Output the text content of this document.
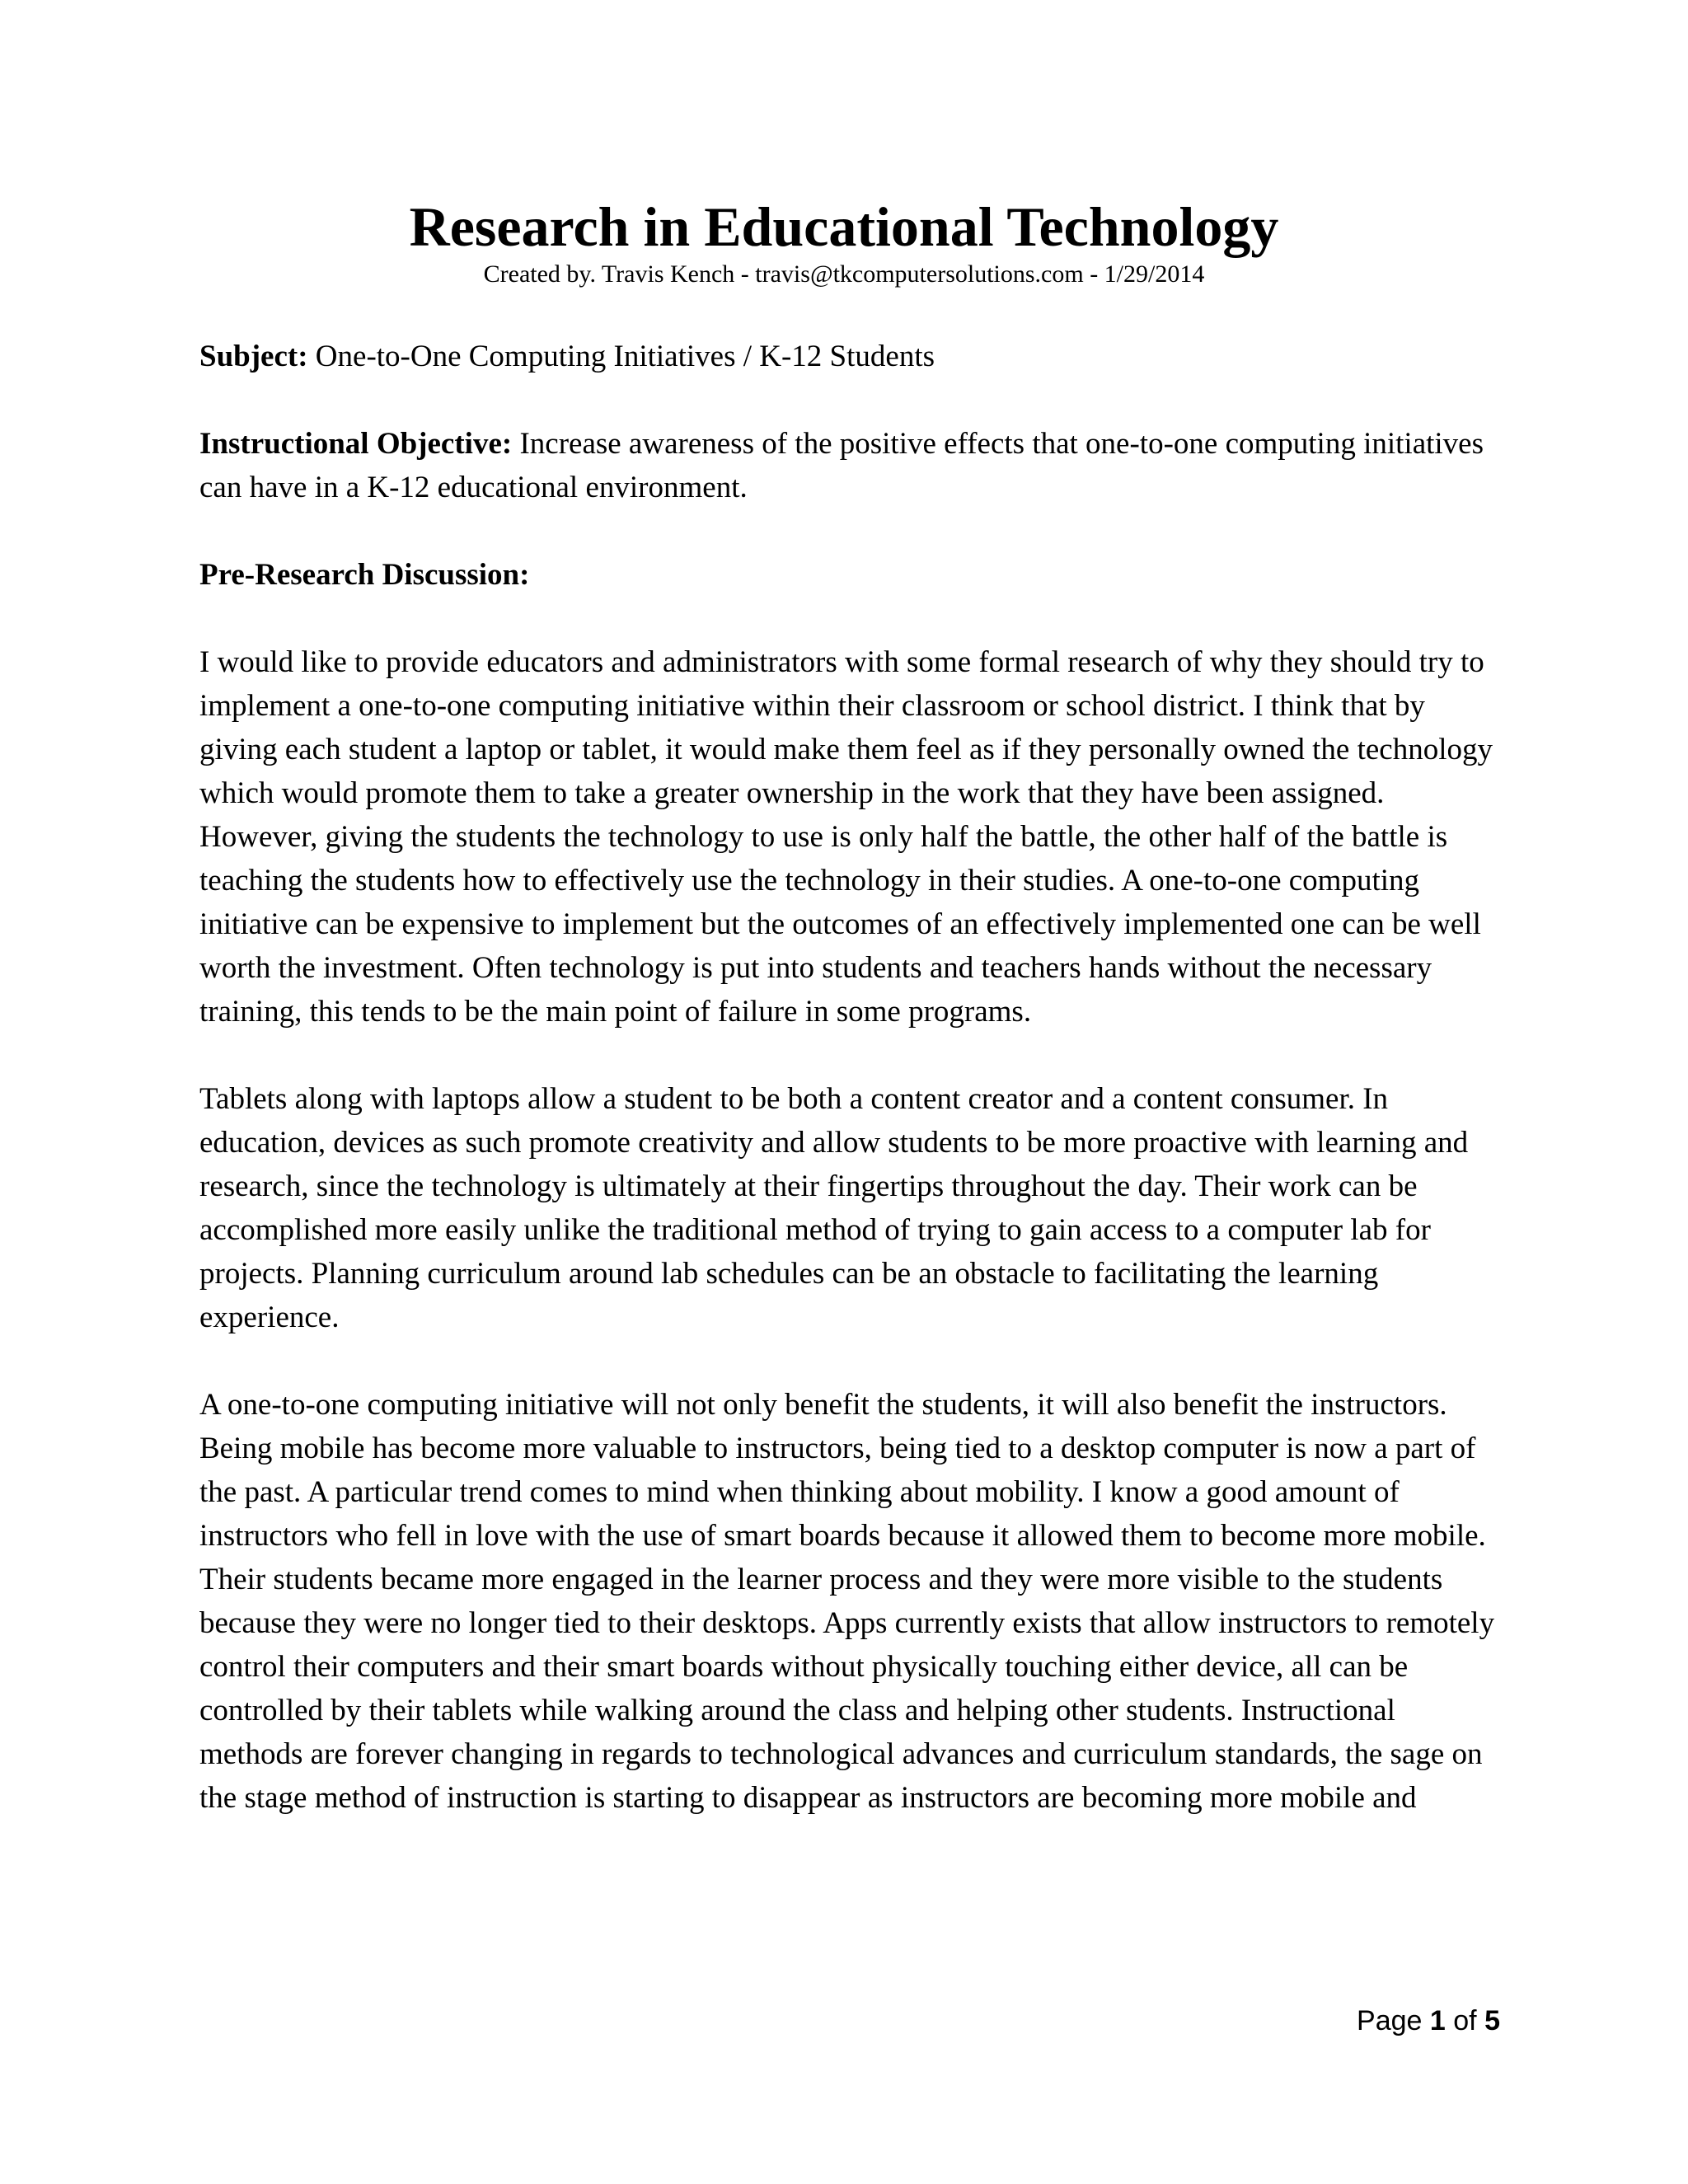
Research in Educational Technology
Created by. Travis Kench - travis@tkcomputersolutions.com - 1/29/2014

Subject: One-to-One Computing Initiatives / K-12 Students

Instructional Objective: Increase awareness of the positive effects that one-to-one computing initiatives can have in a K-12 educational environment.

Pre-Research Discussion:

I would like to provide educators and administrators with some formal research of why they should try to implement a one-to-one computing initiative within their classroom or school district. I think that by giving each student a laptop or tablet, it would make them feel as if they personally owned the technology which would promote them to take a greater ownership in the work that they have been assigned. However, giving the students the technology to use is only half the battle, the other half of the battle is teaching the students how to effectively use the technology in their studies. A one-to-one computing initiative can be expensive to implement but the outcomes of an effectively implemented one can be well worth the investment. Often technology is put into students and teachers hands without the necessary training, this tends to be the main point of failure in some programs.

Tablets along with laptops allow a student to be both a content creator and a content consumer. In education, devices as such promote creativity and allow students to be more proactive with learning and research, since the technology is ultimately at their fingertips throughout the day. Their work can be accomplished more easily unlike the traditional method of trying to gain access to a computer lab for projects. Planning curriculum around lab schedules can be an obstacle to facilitating the learning experience.

A one-to-one computing initiative will not only benefit the students, it will also benefit the instructors. Being mobile has become more valuable to instructors, being tied to a desktop computer is now a part of the past. A particular trend comes to mind when thinking about mobility. I know a good amount of instructors who fell in love with the use of smart boards because it allowed them to become more mobile. Their students became more engaged in the learner process and they were more visible to the students because they were no longer tied to their desktops. Apps currently exists that allow instructors to remotely control their computers and their smart boards without physically touching either device, all can be controlled by their tablets while walking around the class and helping other students. Instructional methods are forever changing in regards to technological advances and curriculum standards, the sage on the stage method of instruction is starting to disappear as instructors are becoming more mobile and

Page 1 of 5
